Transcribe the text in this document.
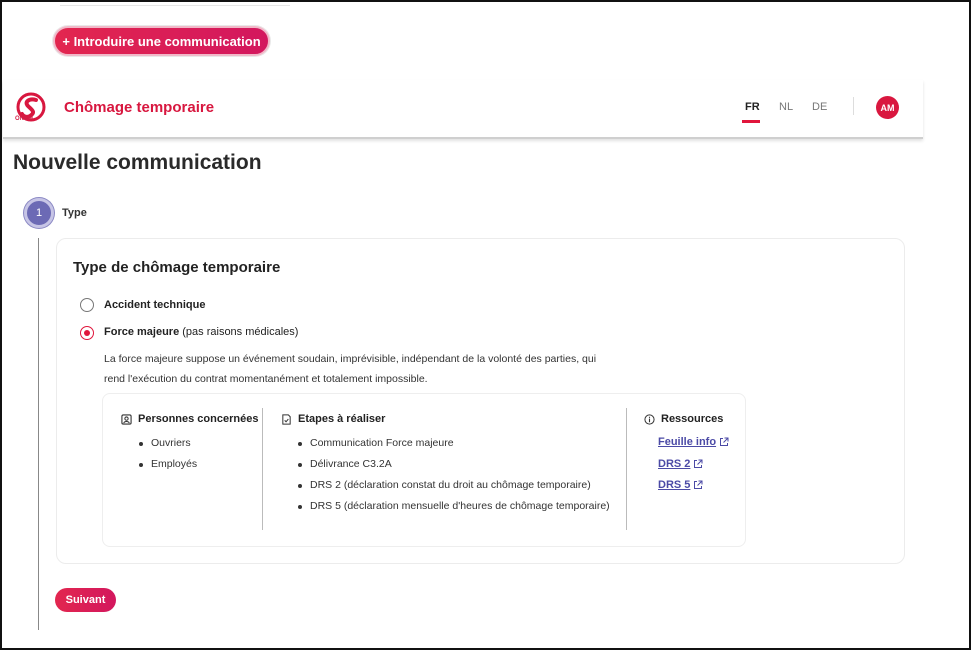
+ Introduire une communication
ONEM
Chômage temporaire	FR NL DE	AM
Nouvelle communication
1	Type
Type de chômage temporaire
Accident technique
Force majeure (pas raisons médicales)
La force majeure suppose un événement soudain, imprévisible, indépendant de la volonté des parties, qui
rend l'exécution du contrat momentanément et totalement impossible.
Personnes concernées
Ouvriers
Employés
Etapes à réaliser
Communication Force majeure
Délivrance C3.2A
DRS 2 (déclaration constat du droit au chômage temporaire)
DRS 5 (déclaration mensuelle d'heures de chômage temporaire)
Ressources
Feuille info
DRS 2
DRS 5
Suivant
